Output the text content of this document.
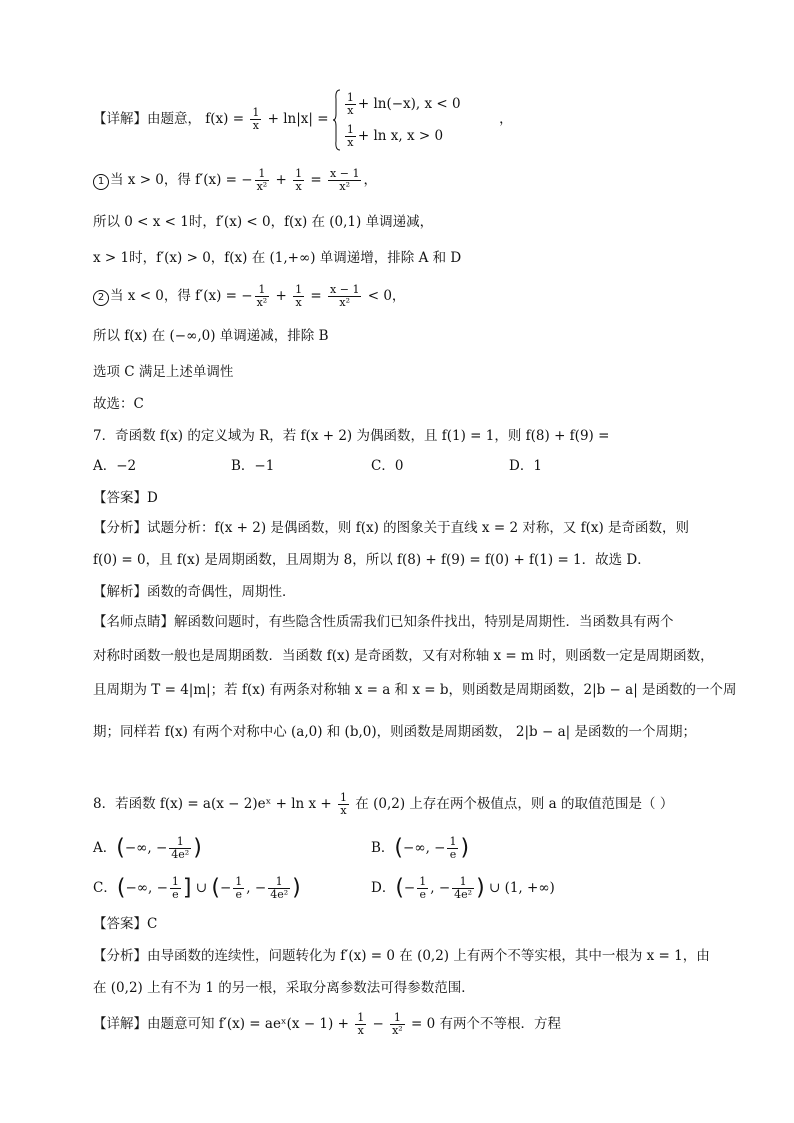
【详解】由题意， $f(x) = \frac{1}{x} + \ln|x|$ =
$\frac{1}{x} + \ln(-x)$, x < 0
$\frac{1}{x} + \ln x$, x > 0
，
1 当 x > 0，得 f′(x) = − $\frac{1}{\text{x²}} + \frac{1}{x} = \frac{x - 1}{\text{x²}}$ ，
所以 0 < x < 1时，f′(x) < 0，f(x) 在 (0,1) 单调递减，
x > 1时，f′(x) > 0，f(x) 在 (1,+∞) 单调递增，排除 A 和 D
2 当 x < 0，得 f′(x) = − $\frac{1}{\text{x²}} + \frac{1}{x} = \frac{x - 1}{\text{x²}} < 0$，
所以 f(x) 在 (−∞,0) 单调递减，排除 B
选项 C 满足上述单调性
故选：C
7．奇函数 f(x) 的定义域为 R，若 f(x + 2) 为偶函数，且 f(1) = 1，则 f(8) + f(9) =
A．−2	B．−1	C．0	D．1
【答案】D
【分析】试题分析：f(x + 2) 是偶函数，则 f(x) 的图象关于直线 x = 2 对称，又 f(x) 是奇函数，则
f(0) = 0，且 f(x) 是周期函数，且周期为 8，所以 f(8) + f(9) = f(0) + f(1) = 1．故选 D．
【解析】函数的奇偶性，周期性．
【名师点睛】解函数问题时，有些隐含性质需我们已知条件找出，特别是周期性．当函数具有两个
对称时函数一般也是周期函数．当函数 f(x) 是奇函数，又有对称轴 x = m 时，则函数一定是周期函数，
且周期为 T = 4|m|；若 f(x) 有两条对称轴 x = a 和 x = b，则函数是周期函数，2|b − a| 是函数的一个周
期；同样若 f(x) 有两个对称中心 (a,0) 和 (b,0)，则函数是周期函数， 2|b − a| 是函数的一个周期；
8．若函数 f(x) = a(x − 2)eˣ + $\ln x + \frac{1}{x}$ 在 (0,2) 上存在两个极值点，则 a 的取值范围是（ ）
A．(−∞, − $\frac{1}{\text{4e²}}$ )	B．(−∞, − $\frac{1}{e}$ )
C．(−∞, − $\frac{1}{e}$ ] ∪ (− $\frac{1}{e}$ , − $\frac{1}{\text{4e²}}$ )	D．(− $\frac{1}{e}$ , − $\frac{1}{\text{4e²}}$ ) ∪ (1, +∞)
【答案】C
【分析】由导函数的连续性，问题转化为 f′(x) = 0 在 (0,2) 上有两个不等实根，其中一根为 x = 1，由
在 (0,2) 上有不为 1 的另一根，采取分离参数法可得参数范围．
【详解】由题意可知 f′(x) = aeˣ(x − $1) + \frac{1}{x} - \frac{1}{\text{x²}} = 0$ 有两个不等根．方程
